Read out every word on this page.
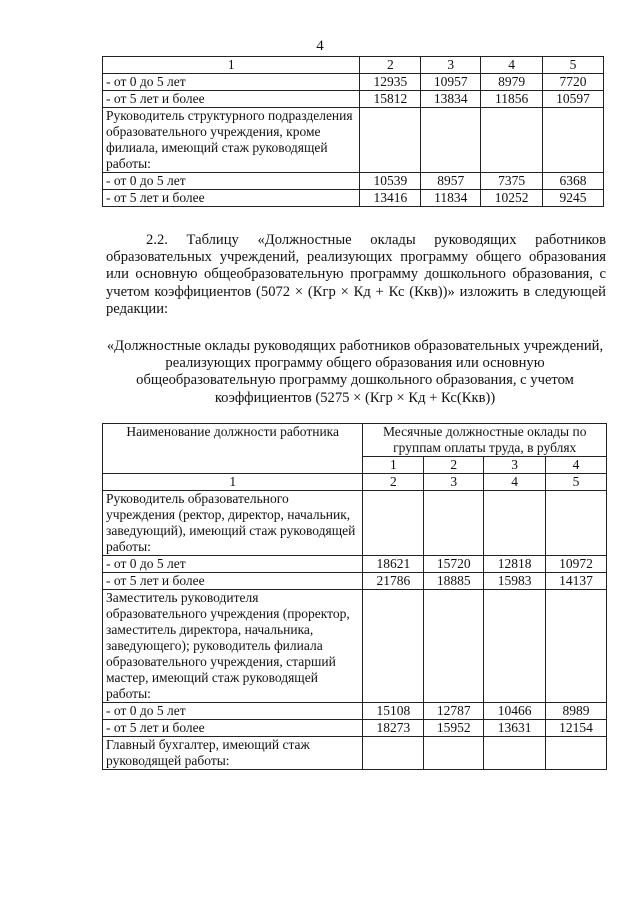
4
1	2	3	4	5
- от 0 до 5 лет	12935	10957	8979	7720
- от 5 лет и более	15812	13834	11856	10597
Руководитель структурного подразделения образовательного учреждения, кроме филиала, имеющий стаж руководящей работы:				
- от 0 до 5 лет	10539	8957	7375	6368
- от 5 лет и более	13416	11834	10252	9245

2.2. Таблицу «Должностные оклады руководящих работников образовательных учреждений, реализующих программу общего образования или основную общеобразовательную программу дошкольного образования, с учетом коэффициентов (5072 × (Кгр × Кд + Кс (Ккв))» изложить в следующей редакции:

«Должностные оклады руководящих работников образовательных учреждений, реализующих программу общего образования или основную общеобразовательную программу дошкольного образования, с учетом коэффициентов (5275 × (Кгр × Кд + Кс(Ккв))
Наименование должности работника	Месячные должностные оклады по группам оплаты труда, в рублях			
	1	2	3	4
1	2	3	4	5
Руководитель образовательного учреждения (ректор, директор, начальник, заведующий), имеющий стаж руководящей работы:				
- от 0 до 5 лет	18621	15720	12818	10972
- от 5 лет и более	21786	18885	15983	14137
Заместитель руководителя образовательного учреждения (проректор, заместитель директора, начальника, заведующего); руководитель филиала образовательного учреждения, старший мастер, имеющий стаж руководящей работы:				
- от 0 до 5 лет	15108	12787	10466	8989
- от 5 лет и более	18273	15952	13631	12154
Главный бухгалтер, имеющий стаж руководящей работы:				
